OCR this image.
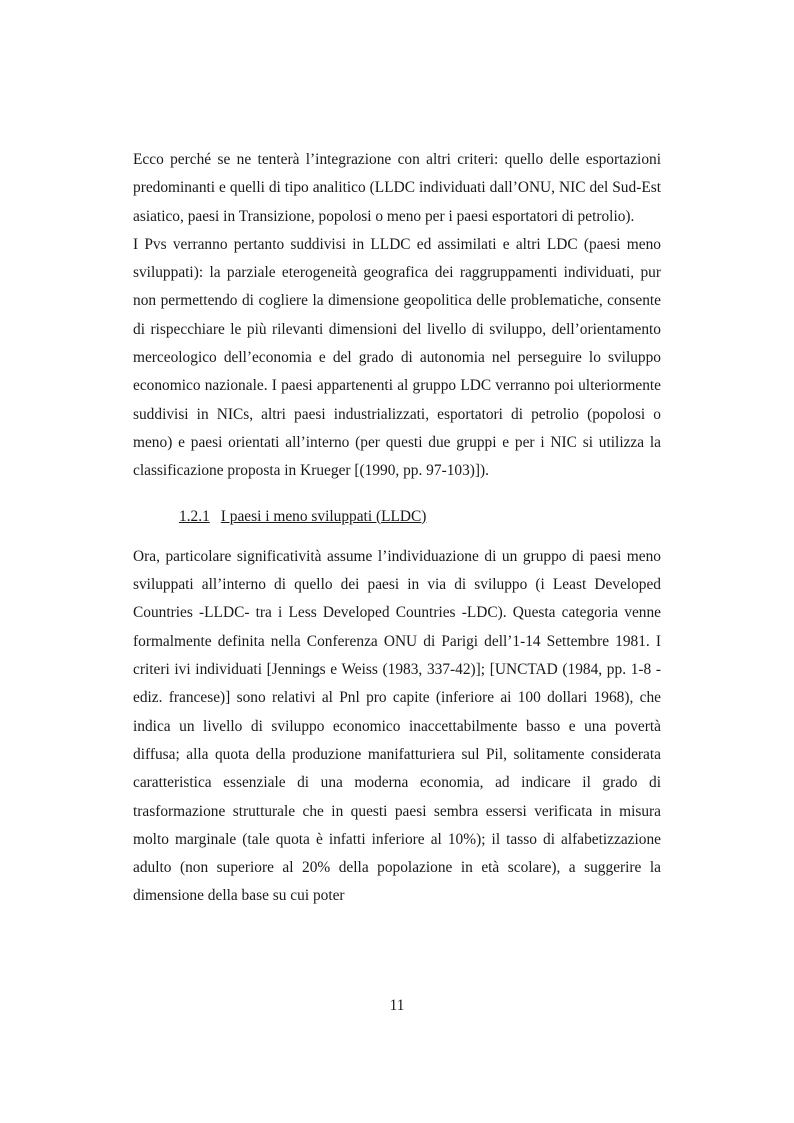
Ecco perché se ne tenterà l’integrazione con altri criteri: quello delle esportazioni predominanti e quelli di tipo analitico (LLDC individuati dall’ONU, NIC del Sud-Est asiatico, paesi in Transizione, popolosi o meno per i paesi esportatori di petrolio).

I Pvs verranno pertanto suddivisi in LLDC ed assimilati e altri LDC (paesi meno sviluppati): la parziale eterogeneità geografica dei raggruppamenti individuati, pur non permettendo di cogliere la dimensione geopolitica delle problematiche, consente di rispecchiare le più rilevanti dimensioni del livello di sviluppo, dell’orientamento merceologico dell’economia e del grado di autonomia nel perseguire lo sviluppo economico nazionale. I paesi appartenenti al gruppo LDC verranno poi ulteriormente suddivisi in NICs, altri paesi industrializzati, esportatori di petrolio (popolosi o meno) e paesi orientati all’interno (per questi due gruppi e per i NIC si utilizza la classificazione proposta in Krueger [(1990, pp. 97-103)]).

1.2.1 I paesi i meno sviluppati (LLDC)

Ora, particolare significatività assume l’individuazione di un gruppo di paesi meno sviluppati all’interno di quello dei paesi in via di sviluppo (i Least Developed Countries -LLDC- tra i Less Developed Countries -LDC). Questa categoria venne formalmente definita nella Conferenza ONU di Parigi dell’1-14 Settembre 1981. I criteri ivi individuati [Jennings e Weiss (1983, 337-42)]; [UNCTAD (1984, pp. 1-8 -ediz. francese)] sono relativi al Pnl pro capite (inferiore ai 100 dollari 1968), che indica un livello di sviluppo economico inaccettabilmente basso e una povertà diffusa; alla quota della produzione manifatturiera sul Pil, solitamente considerata caratteristica essenziale di una moderna economia, ad indicare il grado di trasformazione strutturale che in questi paesi sembra essersi verificata in misura molto marginale (tale quota è infatti inferiore al 10%); il tasso di alfabetizzazione adulto (non superiore al 20% della popolazione in età scolare), a suggerire la dimensione della base su cui poter

11
